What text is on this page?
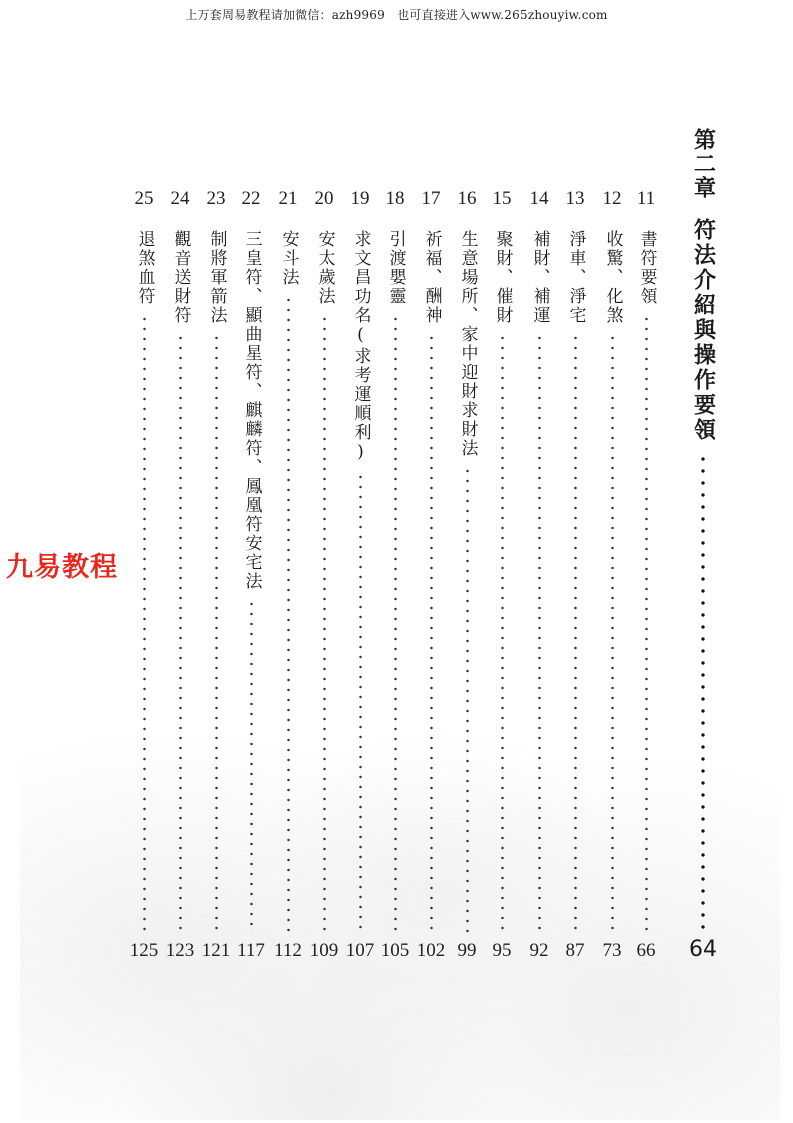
上万套周易教程请加微信：azh9969　也可直接进入www.265zhouyiw.com
第二章
符法介紹與操作要領
64
11
書符要領
66
12
收驚、化煞
73
13
淨車、淨宅
87
14
補財、補運
92
15
聚財、催財
95
16
生意場所、家中迎財求財法
99
17
祈福、酬神
102
18
引渡嬰靈
105
19
求文昌功名(求考運順利)
107
20
安太歲法
109
21
安斗法
112
22
三皇符、顯曲星符、麒麟符、鳳凰符安宅法
117
23
制將軍箭法
121
24
觀音送財符
123
25
退煞血符
125
九易教程
